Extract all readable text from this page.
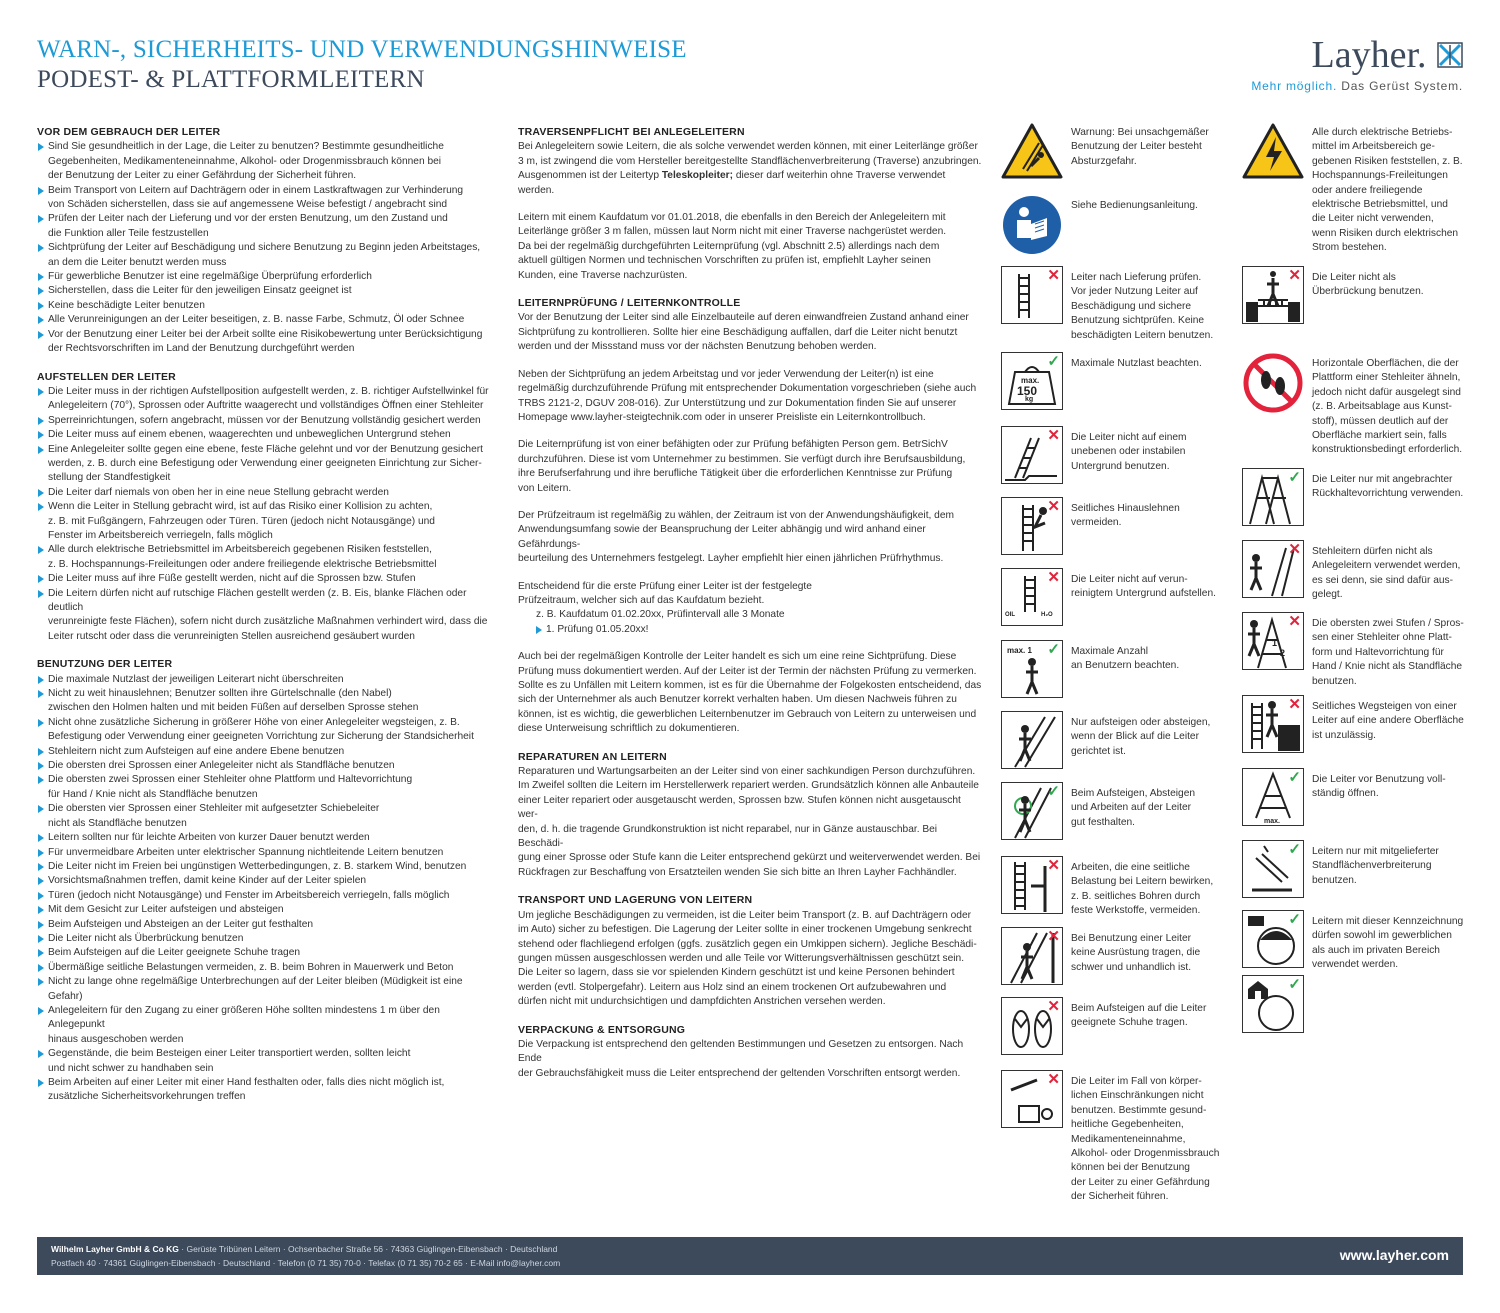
WARN-, SICHERHEITS- UND VERWENDUNGSHINWEISE
PODEST- & PLATTFORMLEITERN
Layher.
Mehr möglich. Das Gerüst System.
VOR DEM GEBRAUCH DER LEITER
Sind Sie gesundheitlich in der Lage, die Leiter zu benutzen? Bestimmte gesundheitliche
Gegebenheiten, Medikamenteneinnahme, Alkohol- oder Drogenmissbrauch können bei
der Benutzung der Leiter zu einer Gefährdung der Sicherheit führen.
Beim Transport von Leitern auf Dachträgern oder in einem Lastkraftwagen zur Verhinderung
von Schäden sicherstellen, dass sie auf angemessene Weise befestigt / angebracht sind
Prüfen der Leiter nach der Lieferung und vor der ersten Benutzung, um den Zustand und
die Funktion aller Teile festzustellen
Sichtprüfung der Leiter auf Beschädigung und sichere Benutzung zu Beginn jeden Arbeitstages,
an dem die Leiter benutzt werden muss
Für gewerbliche Benutzer ist eine regelmäßige Überprüfung erforderlich
Sicherstellen, dass die Leiter für den jeweiligen Einsatz geeignet ist
Keine beschädigte Leiter benutzen
Alle Verunreinigungen an der Leiter beseitigen, z. B. nasse Farbe, Schmutz, Öl oder Schnee
Vor der Benutzung einer Leiter bei der Arbeit sollte eine Risikobewertung unter Berücksichtigung
der Rechtsvorschriften im Land der Benutzung durchgeführt werden
AUFSTELLEN DER LEITER
Die Leiter muss in der richtigen Aufstellposition aufgestellt werden, z. B. richtiger Aufstellwinkel für
Anlegeleitern (70°), Sprossen oder Auftritte waagerecht und vollständiges Öffnen einer Stehleiter
Sperreinrichtungen, sofern angebracht, müssen vor der Benutzung vollständig gesichert werden
Die Leiter muss auf einem ebenen, waagerechten und unbeweglichen Untergrund stehen
Eine Anlegeleiter sollte gegen eine ebene, feste Fläche gelehnt und vor der Benutzung gesichert
werden, z. B. durch eine Befestigung oder Verwendung einer geeigneten Einrichtung zur Sicher-
stellung der Standfestigkeit
Die Leiter darf niemals von oben her in eine neue Stellung gebracht werden
Wenn die Leiter in Stellung gebracht wird, ist auf das Risiko einer Kollision zu achten,
z. B. mit Fußgängern, Fahrzeugen oder Türen. Türen (jedoch nicht Notausgänge) und
Fenster im Arbeitsbereich verriegeln, falls möglich
Alle durch elektrische Betriebsmittel im Arbeitsbereich gegebenen Risiken feststellen,
z. B. Hochspannungs-Freileitungen oder andere freiliegende elektrische Betriebsmittel
Die Leiter muss auf ihre Füße gestellt werden, nicht auf die Sprossen bzw. Stufen
Die Leitern dürfen nicht auf rutschige Flächen gestellt werden (z. B. Eis, blanke Flächen oder deutlich
verunreinigte feste Flächen), sofern nicht durch zusätzliche Maßnahmen verhindert wird, dass die
Leiter rutscht oder dass die verunreinigten Stellen ausreichend gesäubert wurden
BENUTZUNG DER LEITER
Die maximale Nutzlast der jeweiligen Leiterart nicht überschreiten
Nicht zu weit hinauslehnen; Benutzer sollten ihre Gürtelschnalle (den Nabel)
zwischen den Holmen halten und mit beiden Füßen auf derselben Sprosse stehen
Nicht ohne zusätzliche Sicherung in größerer Höhe von einer Anlegeleiter wegsteigen, z. B.
Befestigung oder Verwendung einer geeigneten Vorrichtung zur Sicherung der Standsicherheit
Stehleitern nicht zum Aufsteigen auf eine andere Ebene benutzen
Die obersten drei Sprossen einer Anlegeleiter nicht als Standfläche benutzen
Die obersten zwei Sprossen einer Stehleiter ohne Plattform und Haltevorrichtung
für Hand / Knie nicht als Standfläche benutzen
Die obersten vier Sprossen einer Stehleiter mit aufgesetzter Schiebeleiter
nicht als Standfläche benutzen
Leitern sollten nur für leichte Arbeiten von kurzer Dauer benutzt werden
Für unvermeidbare Arbeiten unter elektrischer Spannung nichtleitende Leitern benutzen
Die Leiter nicht im Freien bei ungünstigen Wetterbedingungen, z. B. starkem Wind, benutzen
Vorsichtsmaßnahmen treffen, damit keine Kinder auf der Leiter spielen
Türen (jedoch nicht Notausgänge) und Fenster im Arbeitsbereich verriegeln, falls möglich
Mit dem Gesicht zur Leiter aufsteigen und absteigen
Beim Aufsteigen und Absteigen an der Leiter gut festhalten
Die Leiter nicht als Überbrückung benutzen
Beim Aufsteigen auf die Leiter geeignete Schuhe tragen
Übermäßige seitliche Belastungen vermeiden, z. B. beim Bohren in Mauerwerk und Beton
Nicht zu lange ohne regelmäßige Unterbrechungen auf der Leiter bleiben (Müdigkeit ist eine Gefahr)
Anlegeleitern für den Zugang zu einer größeren Höhe sollten mindestens 1 m über den Anlegepunkt
hinaus ausgeschoben werden
Gegenstände, die beim Besteigen einer Leiter transportiert werden, sollten leicht
und nicht schwer zu handhaben sein
Beim Arbeiten auf einer Leiter mit einer Hand festhalten oder, falls dies nicht möglich ist,
zusätzliche Sicherheitsvorkehrungen treffen
TRAVERSENPFLICHT BEI ANLEGELEITERN

Bei Anlegeleitern sowie Leitern, die als solche verwendet werden können, mit einer Leiterlänge größer
3 m, ist zwingend die vom Hersteller bereitgestellte Standflächenverbreiterung (Traverse) anzubringen.
Ausgenommen ist der Leitertyp Teleskopleiter; dieser darf weiterhin ohne Traverse verwendet werden.

Leitern mit einem Kaufdatum vor 01.01.2018, die ebenfalls in den Bereich der Anlegeleitern mit
Leiterlänge größer 3 m fallen, müssen laut Norm nicht mit einer Traverse nachgerüstet werden.
Da bei der regelmäßig durchgeführten Leiternprüfung (vgl. Abschnitt 2.5) allerdings nach dem
aktuell gültigen Normen und technischen Vorschriften zu prüfen ist, empfiehlt Layher seinen
Kunden, eine Traverse nachzurüsten.

LEITERNPRÜFUNG / LEITERNKONTROLLE

Vor der Benutzung der Leiter sind alle Einzelbauteile auf deren einwandfreien Zustand anhand einer
Sichtprüfung zu kontrollieren. Sollte hier eine Beschädigung auffallen, darf die Leiter nicht benutzt
werden und der Missstand muss vor der nächsten Benutzung behoben werden.

Neben der Sichtprüfung an jedem Arbeitstag und vor jeder Verwendung der Leiter(n) ist eine
regelmäßig durchzuführende Prüfung mit entsprechender Dokumentation vorgeschrieben (siehe auch
TRBS 2121-2, DGUV 208-016). Zur Unterstützung und zur Dokumentation finden Sie auf unserer
Homepage www.layher-steigtechnik.com oder in unserer Preisliste ein Leiternkontrollbuch.

Die Leiternprüfung ist von einer befähigten oder zur Prüfung befähigten Person gem. BetrSichV
durchzuführen. Diese ist vom Unternehmer zu bestimmen. Sie verfügt durch ihre Berufsausbildung,
ihre Berufserfahrung und ihre berufliche Tätigkeit über die erforderlichen Kenntnisse zur Prüfung
von Leitern.

Der Prüfzeitraum ist regelmäßig zu wählen, der Zeitraum ist von der Anwendungshäufigkeit, dem
Anwendungsumfang sowie der Beanspruchung der Leiter abhängig und wird anhand einer Gefährdungs-
beurteilung des Unternehmers festgelegt. Layher empfiehlt hier einen jährlichen Prüfrhythmus.

Entscheidend für die erste Prüfung einer Leiter ist der festgelegte
Prüfzeitraum, welcher sich auf das Kaufdatum bezieht.

z. B. Kaufdatum 01.02.20xx, Prüfintervall alle 3 Monate
1. Prüfung 01.05.20xx!

Auch bei der regelmäßigen Kontrolle der Leiter handelt es sich um eine reine Sichtprüfung. Diese
Prüfung muss dokumentiert werden. Auf der Leiter ist der Termin der nächsten Prüfung zu vermerken.
Sollte es zu Unfällen mit Leitern kommen, ist es für die Übernahme der Folgekosten entscheidend, das
sich der Unternehmer als auch Benutzer korrekt verhalten haben. Um diesen Nachweis führen zu
können, ist es wichtig, die gewerblichen Leiternbenutzer im Gebrauch von Leitern zu unterweisen und
diese Unterweisung schriftlich zu dokumentieren.

REPARATUREN AN LEITERN

Reparaturen und Wartungsarbeiten an der Leiter sind von einer sachkundigen Person durchzuführen.
Im Zweifel sollten die Leitern im Herstellerwerk repariert werden. Grundsätzlich können alle Anbauteile
einer Leiter repariert oder ausgetauscht werden, Sprossen bzw. Stufen können nicht ausgetauscht wer-
den, d. h. die tragende Grundkonstruktion ist nicht reparabel, nur in Gänze austauschbar. Bei Beschädi-
gung einer Sprosse oder Stufe kann die Leiter entsprechend gekürzt und weiterverwendet werden. Bei
Rückfragen zur Beschaffung von Ersatzteilen wenden Sie sich bitte an Ihren Layher Fachhändler.

TRANSPORT UND LAGERUNG VON LEITERN

Um jegliche Beschädigungen zu vermeiden, ist die Leiter beim Transport (z. B. auf Dachträgern oder
im Auto) sicher zu befestigen. Die Lagerung der Leiter sollte in einer trockenen Umgebung senkrecht
stehend oder flachliegend erfolgen (ggfs. zusätzlich gegen ein Umkippen sichern). Jegliche Beschädi-
gungen müssen ausgeschlossen werden und alle Teile vor Witterungsverhältnissen geschützt sein.
Die Leiter so lagern, dass sie vor spielenden Kindern geschützt ist und keine Personen behindert
werden (evtl. Stolpergefahr). Leitern aus Holz sind an einem trockenen Ort aufzubewahren und
dürfen nicht mit undurchsichtigen und dampfdichten Anstrichen versehen werden.

VERPACKUNG & ENTSORGUNG

Die Verpackung ist entsprechend den geltenden Bestimmungen und Gesetzen zu entsorgen. Nach Ende
der Gebrauchsfähigkeit muss die Leiter entsprechend der geltenden Vorschriften entsorgt werden.

Warnung: Bei unsachgemäßer
Benutzung der Leiter besteht
Absturzgefahr.
Siehe Bedienungsanleitung.
✕ Leiter nach Lieferung prüfen.
Vor jeder Nutzung Leiter auf
Beschädigung und sichere
Benutzung sichtprüfen. Keine
beschädigten Leitern benutzen.
max.
150
kg
✓ Maximale Nutzlast beachten.
✕ Die Leiter nicht auf einem
unebenen oder instabilen
Untergrund benutzen.
✕ Seitliches Hinauslehnen
vermeiden.
OIL	H₂O
✕ Die Leiter nicht auf verun-
reinigtem Untergrund aufstellen.
max. 1 ✓ Maximale Anzahl
an Benutzern beachten.
Nur aufsteigen oder absteigen,
wenn der Blick auf die Leiter
gerichtet ist.
✓ Beim Aufsteigen, Absteigen
und Arbeiten auf der Leiter
gut festhalten.
✕ Arbeiten, die eine seitliche
Belastung bei Leitern bewirken,
z. B. seitliches Bohren durch
feste Werkstoffe, vermeiden.
✕ Bei Benutzung einer Leiter
keine Ausrüstung tragen, die
schwer und unhandlich ist.
✕ Beim Aufsteigen auf die Leiter
geeignete Schuhe tragen.
✕ Die Leiter im Fall von körper-
lichen Einschränkungen nicht
benutzen. Bestimmte gesund-
heitliche Gegebenheiten,
Medikamenteneinnahme,
Alkohol- oder Drogenmissbrauch
können bei der Benutzung
der Leiter zu einer Gefährdung
der Sicherheit führen.
Alle durch elektrische Betriebs-
mittel im Arbeitsbereich ge-
gebenen Risiken feststellen, z. B.
Hochspannungs-Freileitungen
oder andere freiliegende
elektrische Betriebsmittel, und
die Leiter nicht verwenden,
wenn Risiken durch elektrischen
Strom bestehen.
✕ Die Leiter nicht als
Überbrückung benutzen.
Horizontale Oberflächen, die der
Plattform einer Stehleiter ähneln,
jedoch nicht dafür ausgelegt sind
(z. B. Arbeitsablage aus Kunst-
stoff), müssen deutlich auf der
Oberfläche markiert sein, falls
konstruktionsbedingt erforderlich.
✓ Die Leiter nur mit angebrachter
Rückhaltevorrichtung verwenden.
✕ Stehleitern dürfen nicht als
Anlegeleitern verwendet werden,
es sei denn, sie sind dafür aus-
gelegt.
1
2
✕ Die obersten zwei Stufen / Spros-
sen einer Stehleiter ohne Platt-
form und Haltevorrichtung für
Hand / Knie nicht als Standfläche
benutzen.
✕ Seitliches Wegsteigen von einer
Leiter auf eine andere Oberfläche
ist unzulässig.
max.
✓ Die Leiter vor Benutzung voll-
ständig öffnen.
✓ Leitern nur mit mitgelieferter
Standflächenverbreiterung
benutzen.
✓ Leitern mit dieser Kennzeichnung
dürfen sowohl im gewerblichen
als auch im privaten Bereich
verwendet werden.
✓
Wilhelm Layher GmbH & Co KG · Gerüste Tribünen Leitern · Ochsenbacher Straße 56 · 74363 Güglingen-Eibensbach · Deutschland
Postfach 40 · 74361 Güglingen-Eibensbach · Deutschland · Telefon (0 71 35) 70-0 · Telefax (0 71 35) 70-2 65 · E-Mail info@layher.com	www.layher.com
